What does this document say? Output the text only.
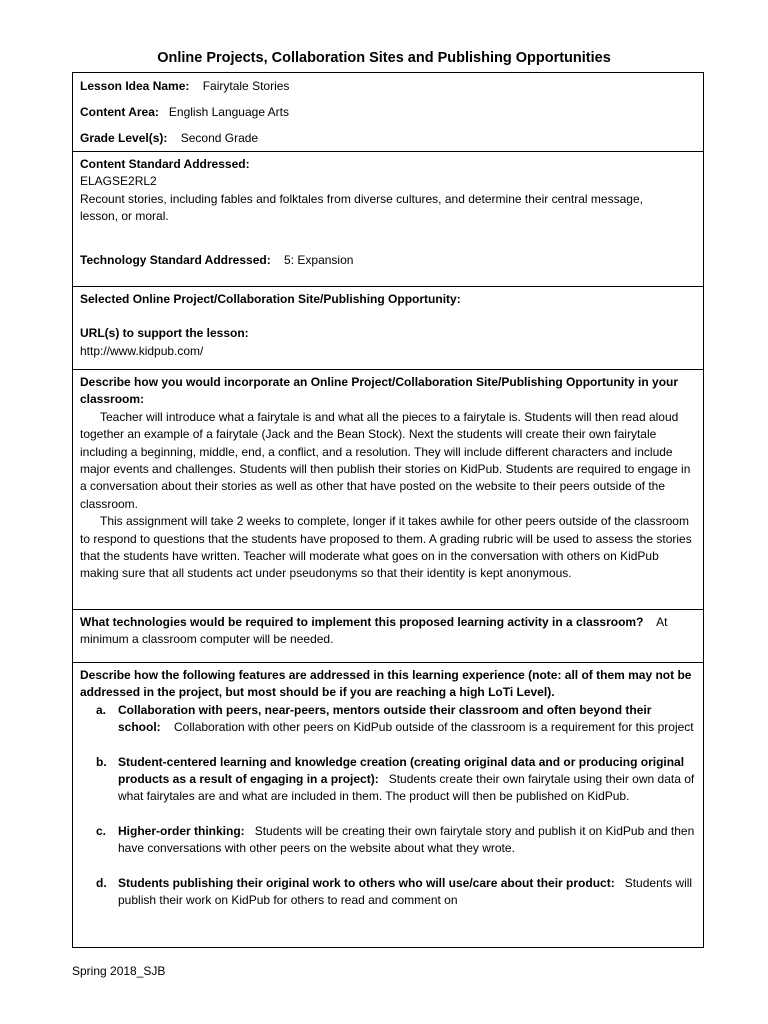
Online Projects, Collaboration Sites and Publishing Opportunities
Lesson Idea Name: Fairytale Stories
Content Area: English Language Arts
Grade Level(s): Second Grade
Content Standard Addressed:
ELAGSE2RL2
Recount stories, including fables and folktales from diverse cultures, and determine their central message, lesson, or moral.
Technology Standard Addressed: 5: Expansion
Selected Online Project/Collaboration Site/Publishing Opportunity:
URL(s) to support the lesson:
http://www.kidpub.com/
Describe how you would incorporate an Online Project/Collaboration Site/Publishing Opportunity in your classroom:
Teacher will introduce what a fairytale is and what all the pieces to a fairytale is. Students will then read aloud together an example of a fairytale (Jack and the Bean Stock). Next the students will create their own fairytale including a beginning, middle, end, a conflict, and a resolution. They will include different characters and include major events and challenges. Students will then publish their stories on KidPub. Students are required to engage in a conversation about their stories as well as other that have posted on the website to their peers outside of the classroom.
This assignment will take 2 weeks to complete, longer if it takes awhile for other peers outside of the classroom to respond to questions that the students have proposed to them. A grading rubric will be used to assess the stories that the students have written. Teacher will moderate what goes on in the conversation with others on KidPub making sure that all students act under pseudonyms so that their identity is kept anonymous.
What technologies would be required to implement this proposed learning activity in a classroom? At minimum a classroom computer will be needed.
Describe how the following features are addressed in this learning experience (note: all of them may not be addressed in the project, but most should be if you are reaching a high LoTi Level).
a. Collaboration with peers, near-peers, mentors outside their classroom and often beyond their school: Collaboration with other peers on KidPub outside of the classroom is a requirement for this project
b. Student-centered learning and knowledge creation (creating original data and or producing original products as a result of engaging in a project): Students create their own fairytale using their own data of what fairytales are and what are included in them. The product will then be published on KidPub.
c. Higher-order thinking: Students will be creating their own fairytale story and publish it on KidPub and then have conversations with other peers on the website about what they wrote.
d. Students publishing their original work to others who will use/care about their product: Students will publish their work on KidPub for others to read and comment on
Spring 2018_SJB
